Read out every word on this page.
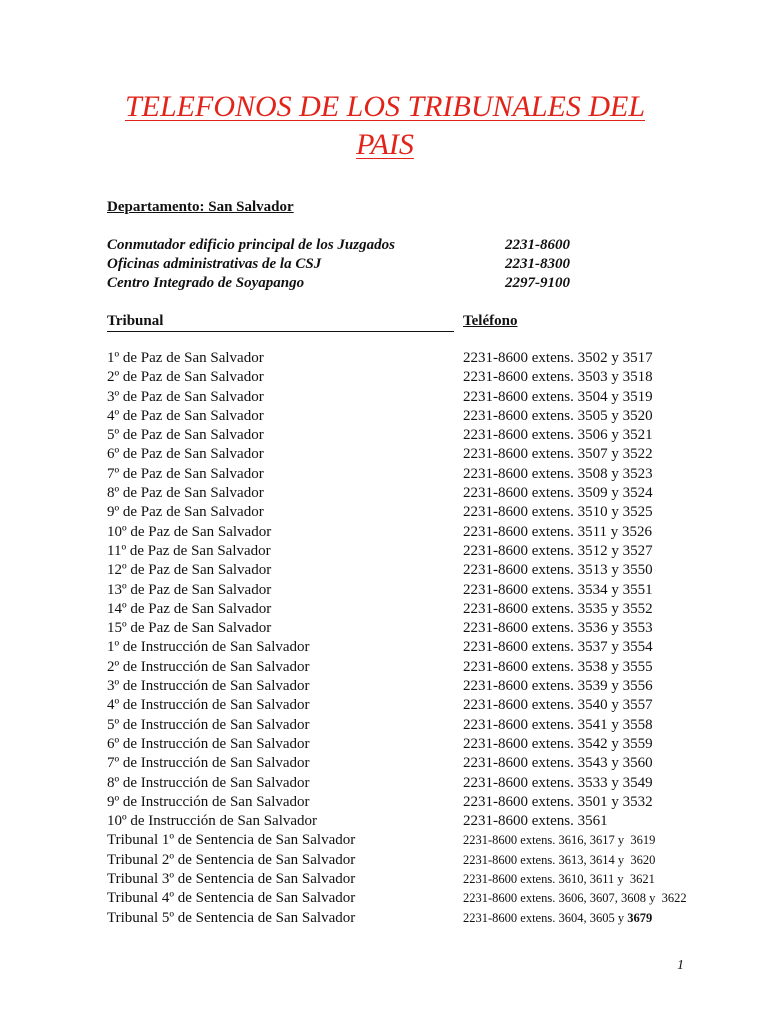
TELEFONOS DE LOS TRIBUNALES DEL
PAIS
Departamento: San Salvador
Conmutador edificio principal de los Juzgados	2231-8600
Oficinas administrativas de la CSJ	2231-8300
Centro Integrado de Soyapango	2297-9100
Tribunal	Teléfono
1º de Paz de San Salvador	2231-8600 extens. 3502 y 3517
2º de Paz de San Salvador	2231-8600 extens. 3503 y 3518
3º de Paz de San Salvador	2231-8600 extens. 3504 y 3519
4º de Paz de San Salvador	2231-8600 extens. 3505 y 3520
5º de Paz de San Salvador	2231-8600 extens. 3506 y 3521
6º de Paz de San Salvador	2231-8600 extens. 3507 y 3522
7º de Paz de San Salvador	2231-8600 extens. 3508 y 3523
8º de Paz de San Salvador	2231-8600 extens. 3509 y 3524
9º de Paz de San Salvador	2231-8600 extens. 3510 y 3525
10º de Paz de San Salvador	2231-8600 extens. 3511 y 3526
11º de Paz de San Salvador	2231-8600 extens. 3512 y 3527
12º de Paz de San Salvador	2231-8600 extens. 3513 y 3550
13º de Paz de San Salvador	2231-8600 extens. 3534 y 3551
14º de Paz de San Salvador	2231-8600 extens. 3535 y 3552
15º de Paz de San Salvador	2231-8600 extens. 3536 y 3553
1º de Instrucción de San Salvador	2231-8600 extens. 3537 y 3554
2º de Instrucción de San Salvador	2231-8600 extens. 3538 y 3555
3º de Instrucción de San Salvador	2231-8600 extens. 3539 y 3556
4º de Instrucción de San Salvador	2231-8600 extens. 3540 y 3557
5º de Instrucción de San Salvador	2231-8600 extens. 3541 y 3558
6º de Instrucción de San Salvador	2231-8600 extens. 3542 y 3559
7º de Instrucción de San Salvador	2231-8600 extens. 3543 y 3560
8º de Instrucción de San Salvador	2231-8600 extens. 3533 y 3549
9º de Instrucción de San Salvador	2231-8600 extens. 3501 y 3532
10º de Instrucción de San Salvador	2231-8600 extens. 3561
Tribunal 1º de Sentencia de San Salvador	2231-8600 extens. 3616, 3617 y  3619
Tribunal 2º de Sentencia de San Salvador	2231-8600 extens. 3613, 3614 y  3620
Tribunal 3º de Sentencia de San Salvador	2231-8600 extens. 3610, 3611 y  3621
Tribunal 4º de Sentencia de San Salvador	2231-8600 extens. 3606, 3607, 3608 y  3622
Tribunal 5º de Sentencia de San Salvador	2231-8600 extens. 3604, 3605 y 3679
1
